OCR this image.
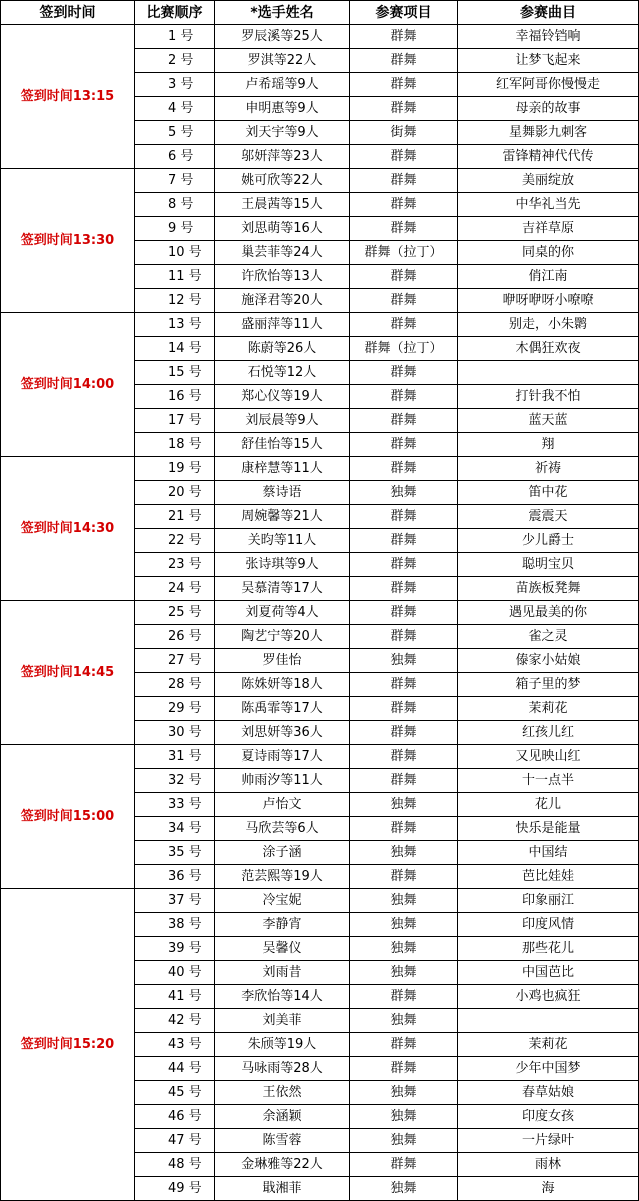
签到时间	比赛顺序	*选手姓名	参赛项目	参赛曲目
签到时间13:15	1 号	罗辰溪等25人	群舞	幸福铃铛响
	2 号	罗淇等22人	群舞	让梦飞起来
	3 号	卢希瑶等9人	群舞	红军阿哥你慢慢走
	4 号	申明惠等9人	群舞	母亲的故事
	5 号	刘天宇等9人	街舞	星舞影九刺客
	6 号	邬妍萍等23人	群舞	雷锋精神代代传
签到时间13:30	7 号	姚可欣等22人	群舞	美丽绽放
	8 号	王晨茜等15人	群舞	中华礼当先
	9 号	刘思萌等16人	群舞	吉祥草原
	10 号	巢芸菲等24人	群舞（拉丁）	同桌的你
	11 号	许欣怡等13人	群舞	俏江南
	12 号	施泽君等20人	群舞	咿呀咿呀小嘹嘹
签到时间14:00	13 号	盛丽萍等11人	群舞	别走，小朱鹮
	14 号	陈蔚等26人	群舞（拉丁）	木偶狂欢夜
	15 号	石悦等12人	群舞	
	16 号	郑心仪等19人	群舞	打针我不怕
	17 号	刘辰晨等9人	群舞	蓝天蓝
	18 号	舒佳怡等15人	群舞	翔
签到时间14:30	19 号	康梓慧等11人	群舞	祈祷
	20 号	蔡诗语	独舞	笛中花
	21 号	周婉馨等21人	群舞	震震天
	22 号	关昀等11人	群舞	少儿爵士
	23 号	张诗琪等9人	群舞	聪明宝贝
	24 号	吴慕清等17人	群舞	苗族板凳舞
签到时间14:45	25 号	刘夏荷等4人	群舞	遇见最美的你
	26 号	陶艺宁等20人	群舞	雀之灵
	27 号	罗佳怡	独舞	傣家小姑娘
	28 号	陈姝妍等18人	群舞	箱子里的梦
	29 号	陈禹霏等17人	群舞	茉莉花
	30 号	刘思妍等36人	群舞	红孩儿红
签到时间15:00	31 号	夏诗雨等17人	群舞	又见映山红
	32 号	帅雨汐等11人	群舞	十一点半
	33 号	卢怡文	独舞	花儿
	34 号	马欣芸等6人	群舞	快乐是能量
	35 号	涂子涵	独舞	中国结
	36 号	范芸熙等19人	群舞	芭比娃娃
签到时间15:20	37 号	冷宝妮	独舞	印象丽江
	38 号	李静宵	独舞	印度风情
	39 号	吴馨仪	独舞	那些花儿
	40 号	刘雨昔	独舞	中国芭比
	41 号	李欣怡等14人	群舞	小鸡也疯狂
	42 号	刘美菲	独舞	
	43 号	朱颀等19人	群舞	茉莉花
	44 号	马咏雨等28人	群舞	少年中国梦
	45 号	王依然	独舞	春草姑娘
	46 号	余涵颖	独舞	印度女孩
	47 号	陈雪蓉	独舞	一片绿叶
	48 号	金琳雅等22人	群舞	雨林
	49 号	戢湘菲	独舞	海
